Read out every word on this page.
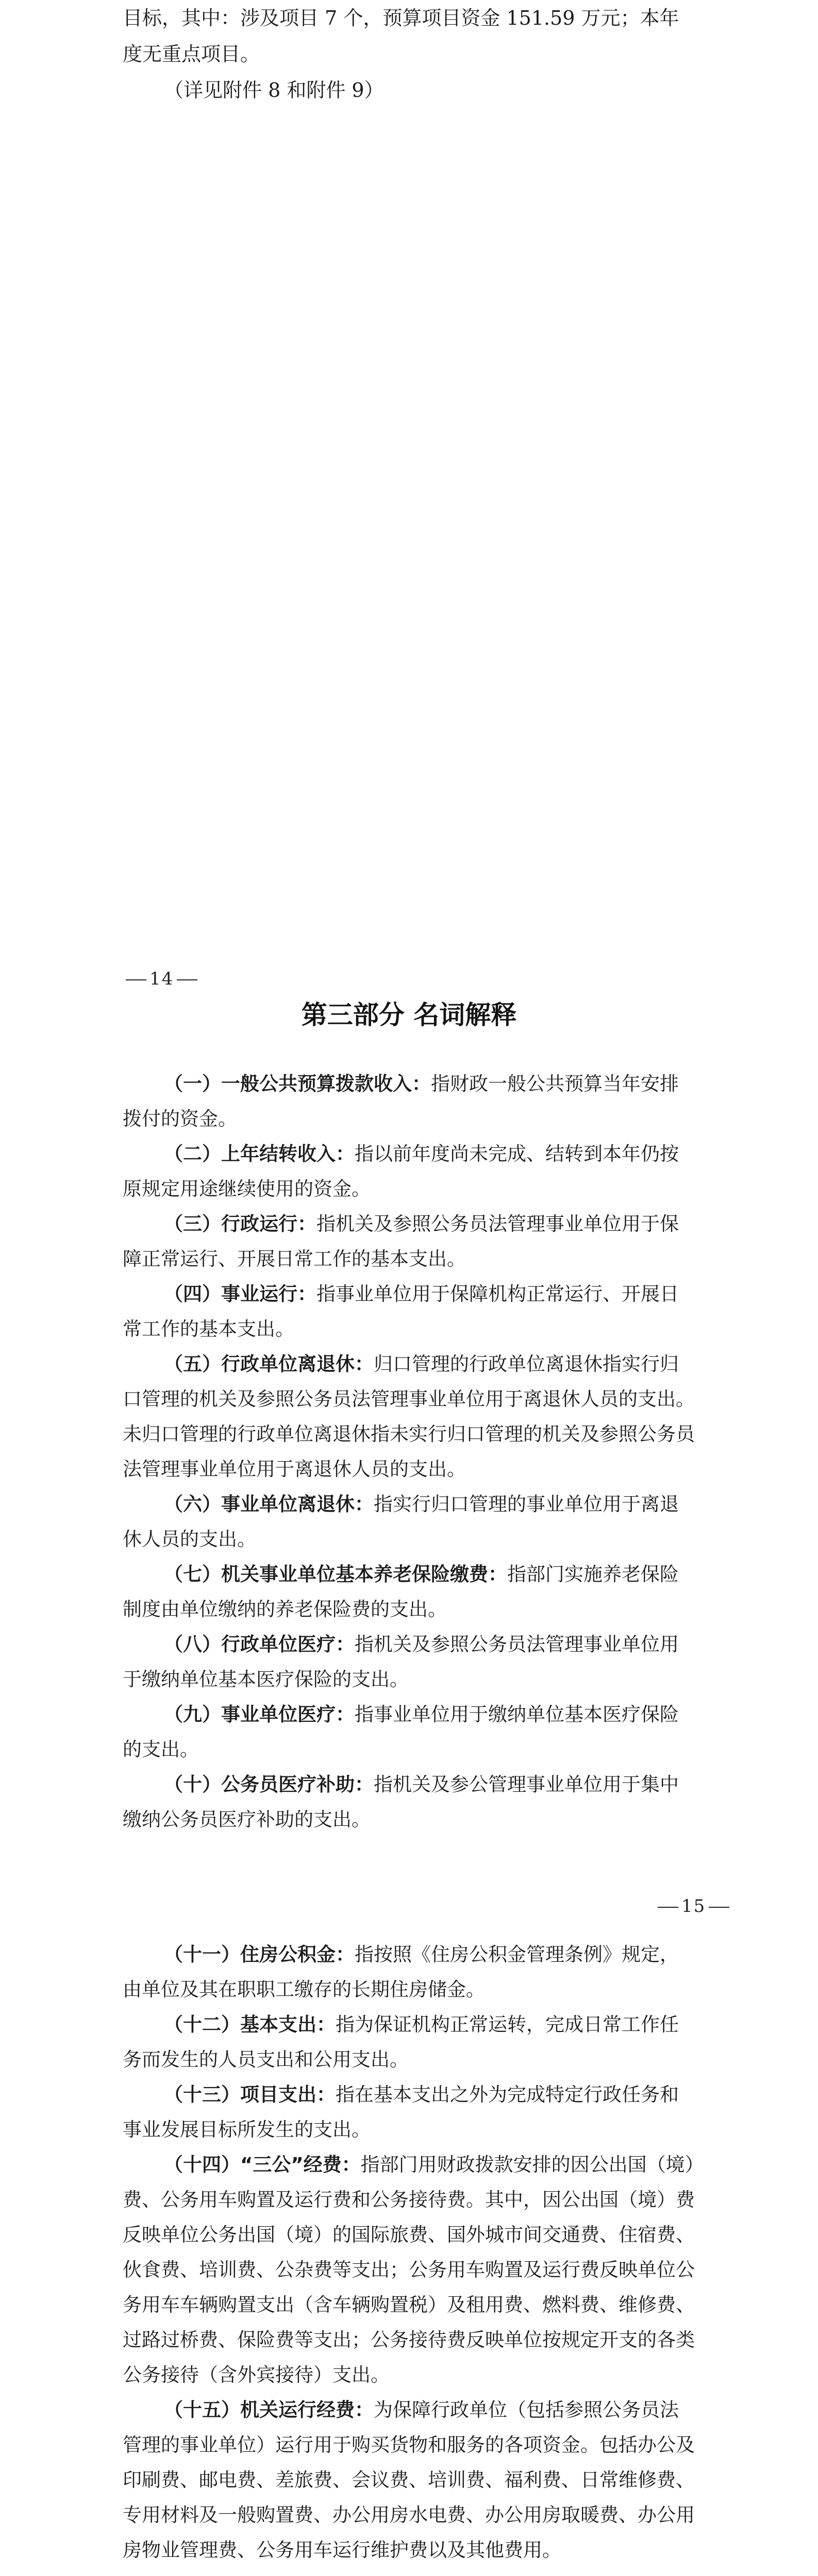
目标，其中：涉及项目 7 个，预算项目资金 151.59 万元；本年度无重点项目。

（详见附件 8 和附件 9）

14
第三部分 名词解释

（一）一般公共预算拨款收入：指财政一般公共预算当年安排拨付的资金。

（二）上年结转收入：指以前年度尚未完成、结转到本年仍按原规定用途继续使用的资金。

（三）行政运行：指机关及参照公务员法管理事业单位用于保障正常运行、开展日常工作的基本支出。

（四）事业运行：指事业单位用于保障机构正常运行、开展日常工作的基本支出。

（五）行政单位离退休：归口管理的行政单位离退休指实行归口管理的机关及参照公务员法管理事业单位用于离退休人员的支出。未归口管理的行政单位离退休指未实行归口管理的机关及参照公务员法管理事业单位用于离退休人员的支出。

（六）事业单位离退休：指实行归口管理的事业单位用于离退休人员的支出。

（七）机关事业单位基本养老保险缴费：指部门实施养老保险制度由单位缴纳的养老保险费的支出。

（八）行政单位医疗：指机关及参照公务员法管理事业单位用于缴纳单位基本医疗保险的支出。

（九）事业单位医疗：指事业单位用于缴纳单位基本医疗保险的支出。

（十）公务员医疗补助：指机关及参公管理事业单位用于集中缴纳公务员医疗补助的支出。

15

（十一）住房公积金：指按照《住房公积金管理条例》规定，由单位及其在职职工缴存的长期住房储金。

（十二）基本支出：指为保证机构正常运转，完成日常工作任务而发生的人员支出和公用支出。

（十三）项目支出：指在基本支出之外为完成特定行政任务和事业发展目标所发生的支出。

（十四）“三公”经费：指部门用财政拨款安排的因公出国（境）费、公务用车购置及运行费和公务接待费。其中，因公出国（境）费反映单位公务出国（境）的国际旅费、国外城市间交通费、住宿费、伙食费、培训费、公杂费等支出；公务用车购置及运行费反映单位公务用车车辆购置支出（含车辆购置税）及租用费、燃料费、维修费、过路过桥费、保险费等支出；公务接待费反映单位按规定开支的各类公务接待（含外宾接待）支出。

（十五）机关运行经费：为保障行政单位（包括参照公务员法管理的事业单位）运行用于购买货物和服务的各项资金。包括办公及印刷费、邮电费、差旅费、会议费、培训费、福利费、日常维修费、专用材料及一般购置费、办公用房水电费、办公用房取暖费、办公用房物业管理费、公务用车运行维护费以及其他费用。
